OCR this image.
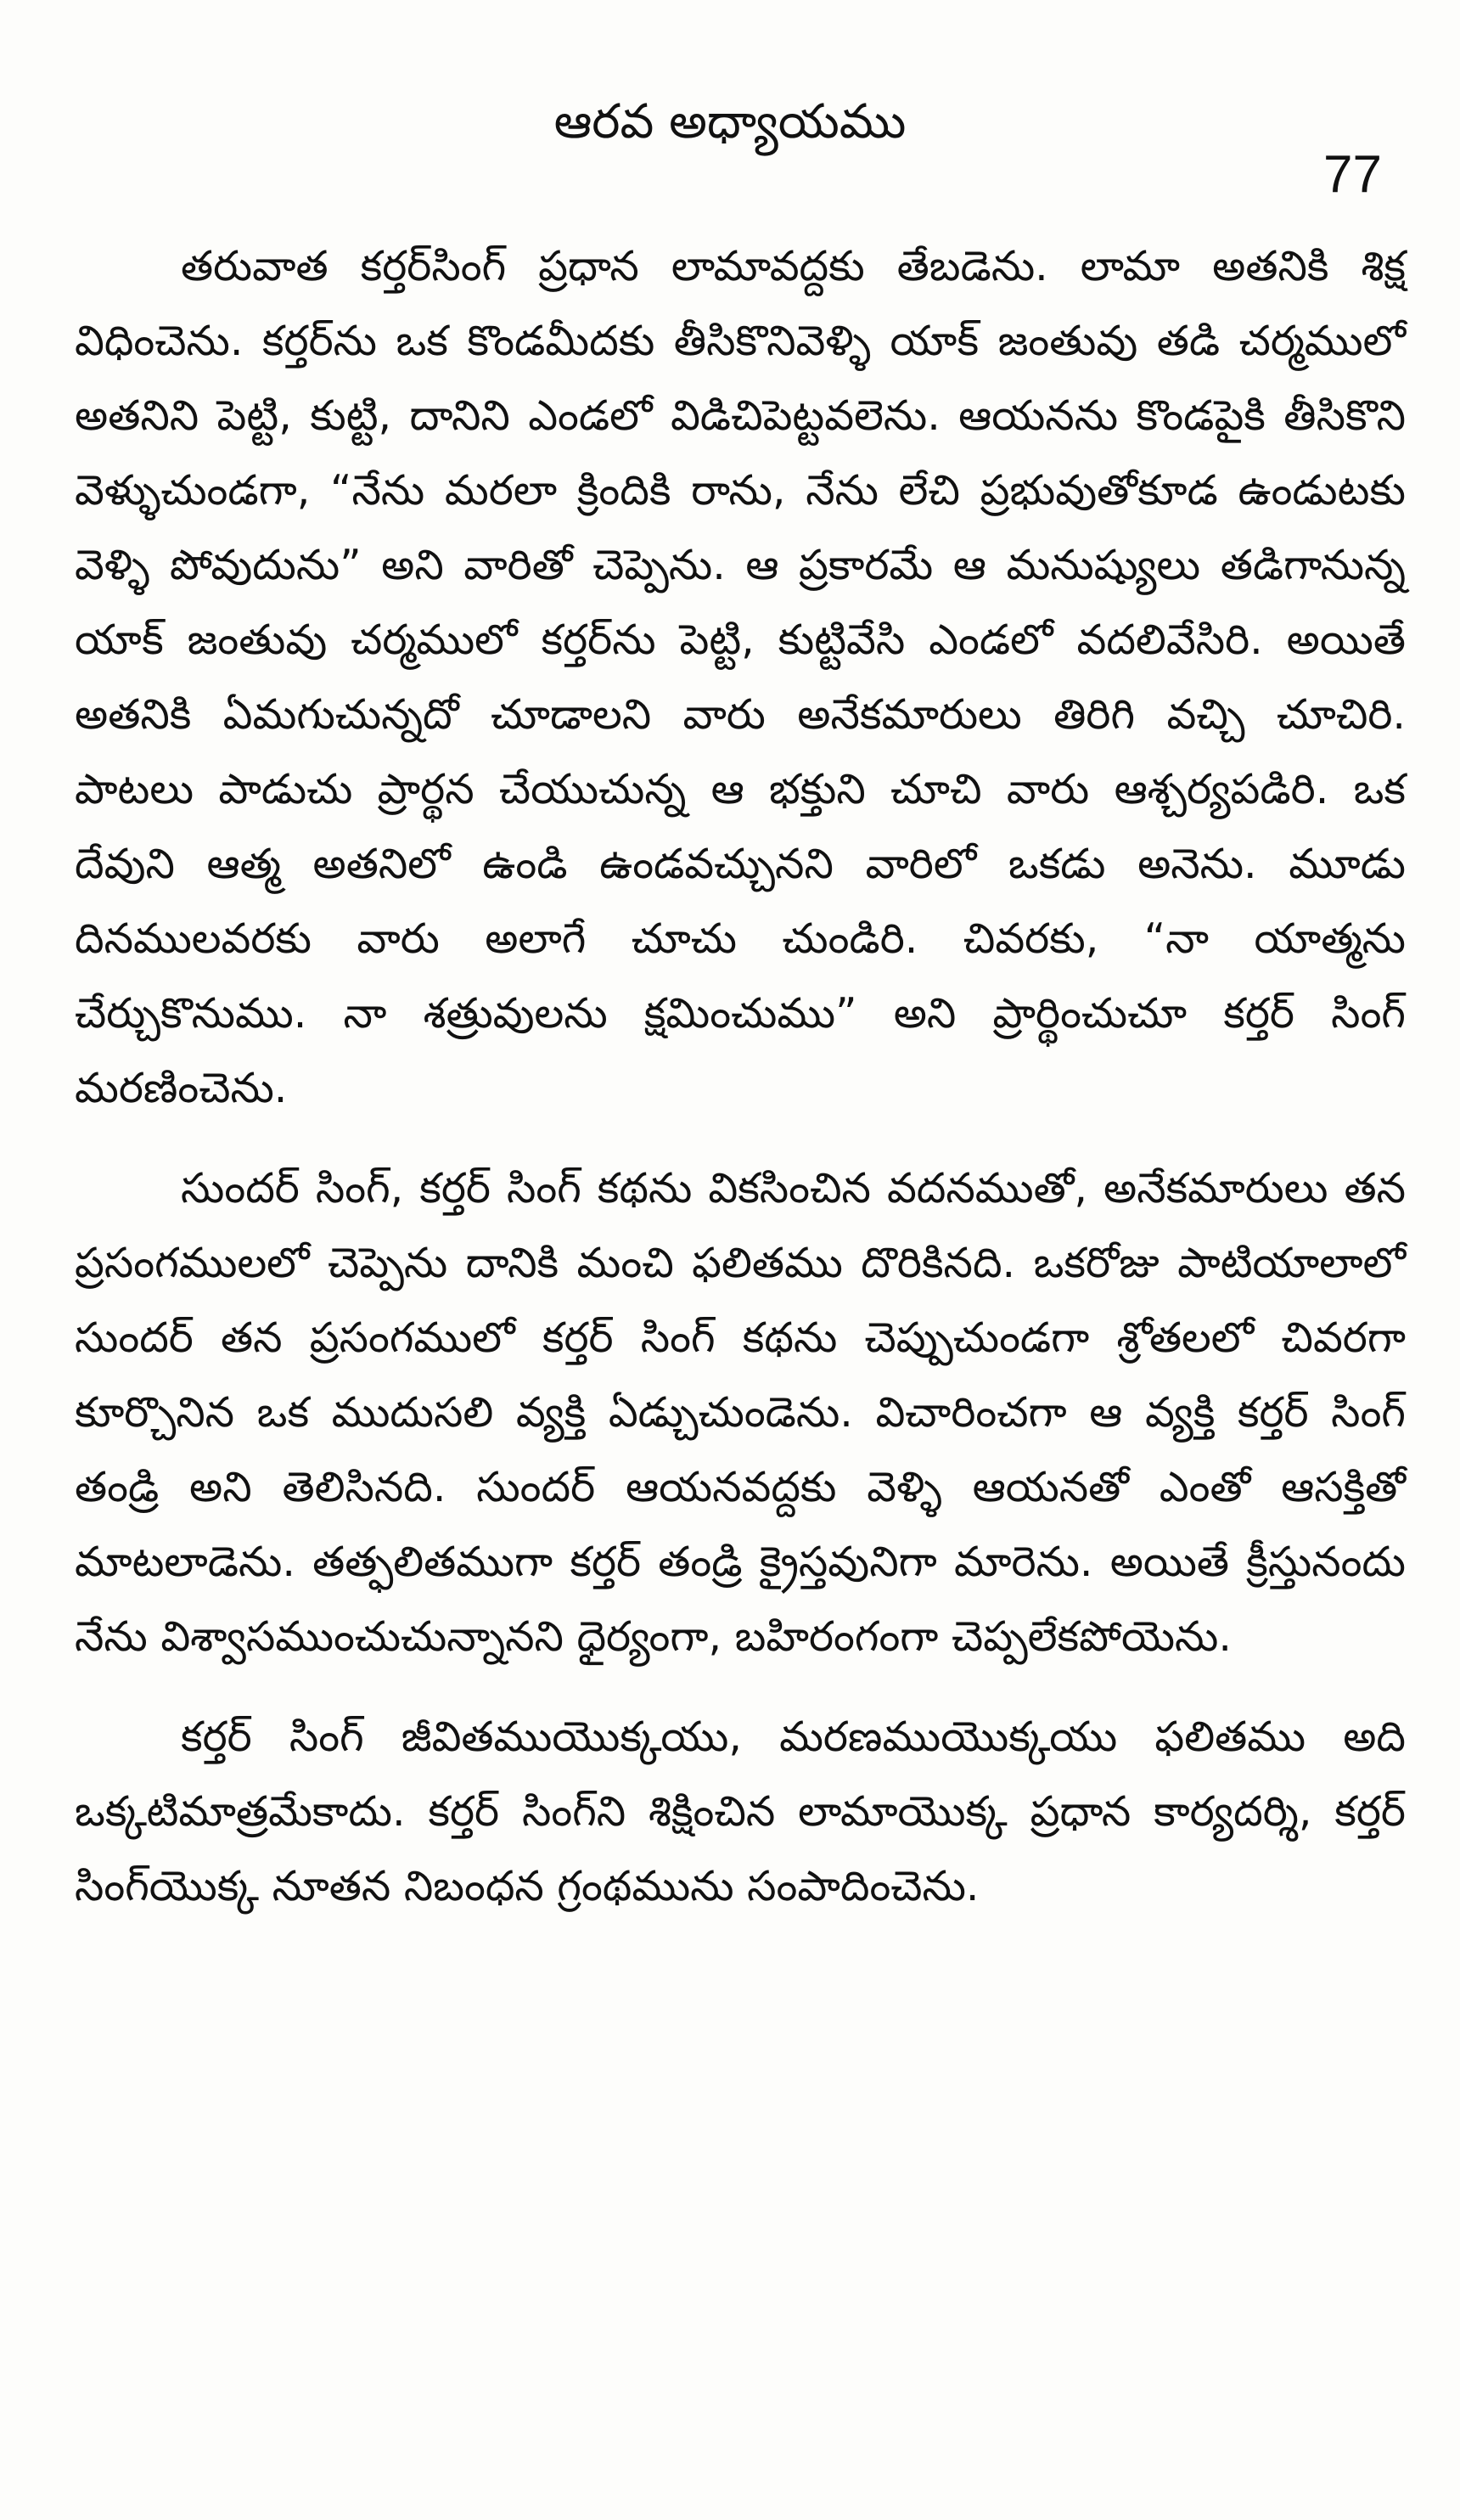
ఆరవ అధ్యాయము
77

తరువాత కర్తర్‌సింగ్ ప్రధాన లామావద్దకు తేబడెను. లామా అతనికి శిక్ష విధించెను. కర్తర్‌ను ఒక కొండమీదకు తీసికొనివెళ్ళి యాక్ జంతువు తడి చర్మములో అతనిని పెట్టి, కుట్టి, దానిని ఎండలో విడిచిపెట్టవలెను. ఆయనను కొండపైకి తీసికొని వెళ్ళుచుండగా, “నేను మరలా క్రిందికి రాను, నేను లేచి ప్రభువుతోకూడ ఉండుటకు వెళ్ళి పోవుదును” అని వారితో చెప్పెను. ఆ ప్రకారమే ఆ మనుష్యులు తడిగానున్న యాక్ జంతువు చర్మములో కర్తర్‌ను పెట్టి, కుట్టివేసి ఎండలో వదలివేసిరి. అయితే అతనికి ఏమగుచున్నదో చూడాలని వారు అనేకమారులు తిరిగి వచ్చి చూచిరి. పాటలు పాడుచు ప్రార్థన చేయుచున్న ఆ భక్తుని చూచి వారు ఆశ్చర్యపడిరి. ఒక దేవుని ఆత్మ అతనిలో ఉండి ఉండవచ్చునని వారిలో ఒకడు అనెను. మూడు దినములవరకు వారు అలాగే చూచు చుండిరి. చివరకు, “నా యాత్మను చేర్చుకొనుము. నా శత్రువులను క్షమించుము” అని ప్రార్థించుచూ కర్తర్ సింగ్ మరణించెను.

సుందర్ సింగ్, కర్తర్ సింగ్ కథను వికసించిన వదనముతో, అనేకమారులు తన ప్రసంగములలో చెప్పెను దానికి మంచి ఫలితము దొరికినది. ఒకరోజు పాటియాలాలో సుందర్ తన ప్రసంగములో కర్తర్ సింగ్ కథను చెప్పుచుండగా శ్రోతలలో చివరగా కూర్చొనిన ఒక ముదుసలి వ్యక్తి ఏడ్చుచుండెను. విచారించగా ఆ వ్యక్తి కర్తర్ సింగ్ తండ్రి అని తెలిసినది. సుందర్ ఆయనవద్దకు వెళ్ళి ఆయనతో ఎంతో ఆసక్తితో మాటలాడెను. తత్ఫలితముగా కర్తర్ తండ్రి క్రైస్తవునిగా మారెను. అయితే క్రీస్తునందు నేను విశ్వాసముంచుచున్నానని ధైర్యంగా, బహిరంగంగా చెప్పలేకపోయెను.

కర్తర్ సింగ్ జీవితముయొక్కయు, మరణముయొక్కయు ఫలితము అది ఒక్కటిమాత్రమేకాదు. కర్తర్ సింగ్‌ని శిక్షించిన లామాయొక్క ప్రధాన కార్యదర్శి, కర్తర్ సింగ్‌యొక్క నూతన నిబంధన గ్రంథమును సంపాదించెను.
